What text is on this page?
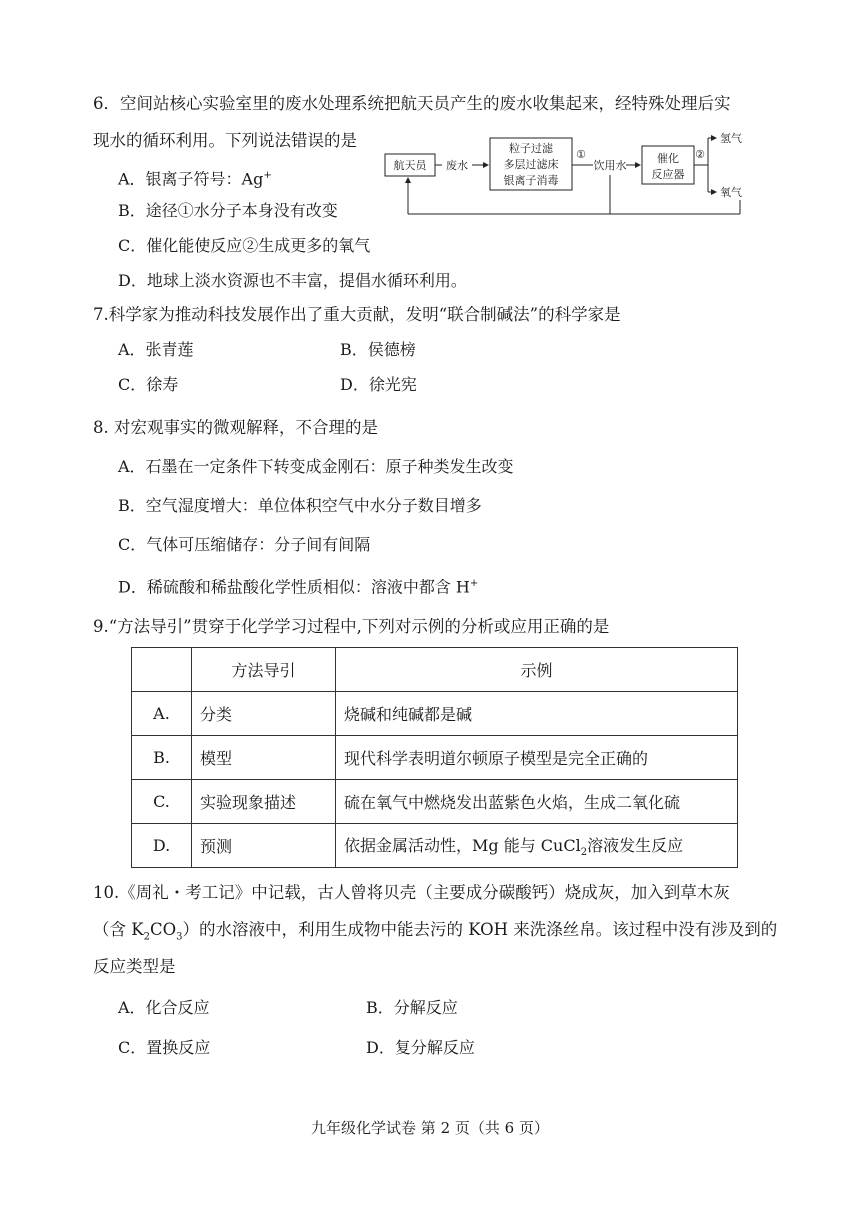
6．空间站核心实验室里的废水处理系统把航天员产生的废水收集起来，经特殊处理后实
现水的循环利用。下列说法错误的是
A．银离子符号：Ag+
B．途径①水分子本身没有改变
C．催化能使反应②生成更多的氧气
D．地球上淡水资源也不丰富，提倡水循环利用。
航天员 废水
粒子过滤
多层过滤床
银离子消毒
①
饮用水
催化
反应器
②
氢气
氧气
7.科学家为推动科技发展作出了重大贡献，发明“联合制碱法”的科学家是
A．张青莲	B．侯德榜
C．徐寿	D．徐光宪
8. 对宏观事实的微观解释，不合理的是
A．石墨在一定条件下转变成金刚石：原子种类发生改变
B．空气湿度增大：单位体积空气中水分子数目增多
C．气体可压缩储存：分子间有间隔
D．稀硫酸和稀盐酸化学性质相似：溶液中都含 H+
9.“方法导引”贯穿于化学学习过程中,下列对示例的分析或应用正确的是
	方法导引	示例
A.	分类	烧碱和纯碱都是碱
B.	模型	现代科学表明道尔顿原子模型是完全正确的
C.	实验现象描述	硫在氧气中燃烧发出蓝紫色火焰，生成二氧化硫
D.	预测	依据金属活动性，Mg 能与 CuCl$_2$溶液发生反应
10.《周礼・考工记》中记载，古人曾将贝壳（主要成分碳酸钙）烧成灰，加入到草木灰
（含 $K_2CO_3$）的水溶液中，利用生成物中能去污的 KOH 来洗涤丝帛。该过程中没有涉及到的
反应类型是
A．化合反应	B．分解反应
C．置换反应	D．复分解反应
九年级化学试卷 第 2 页（共 6 页）
